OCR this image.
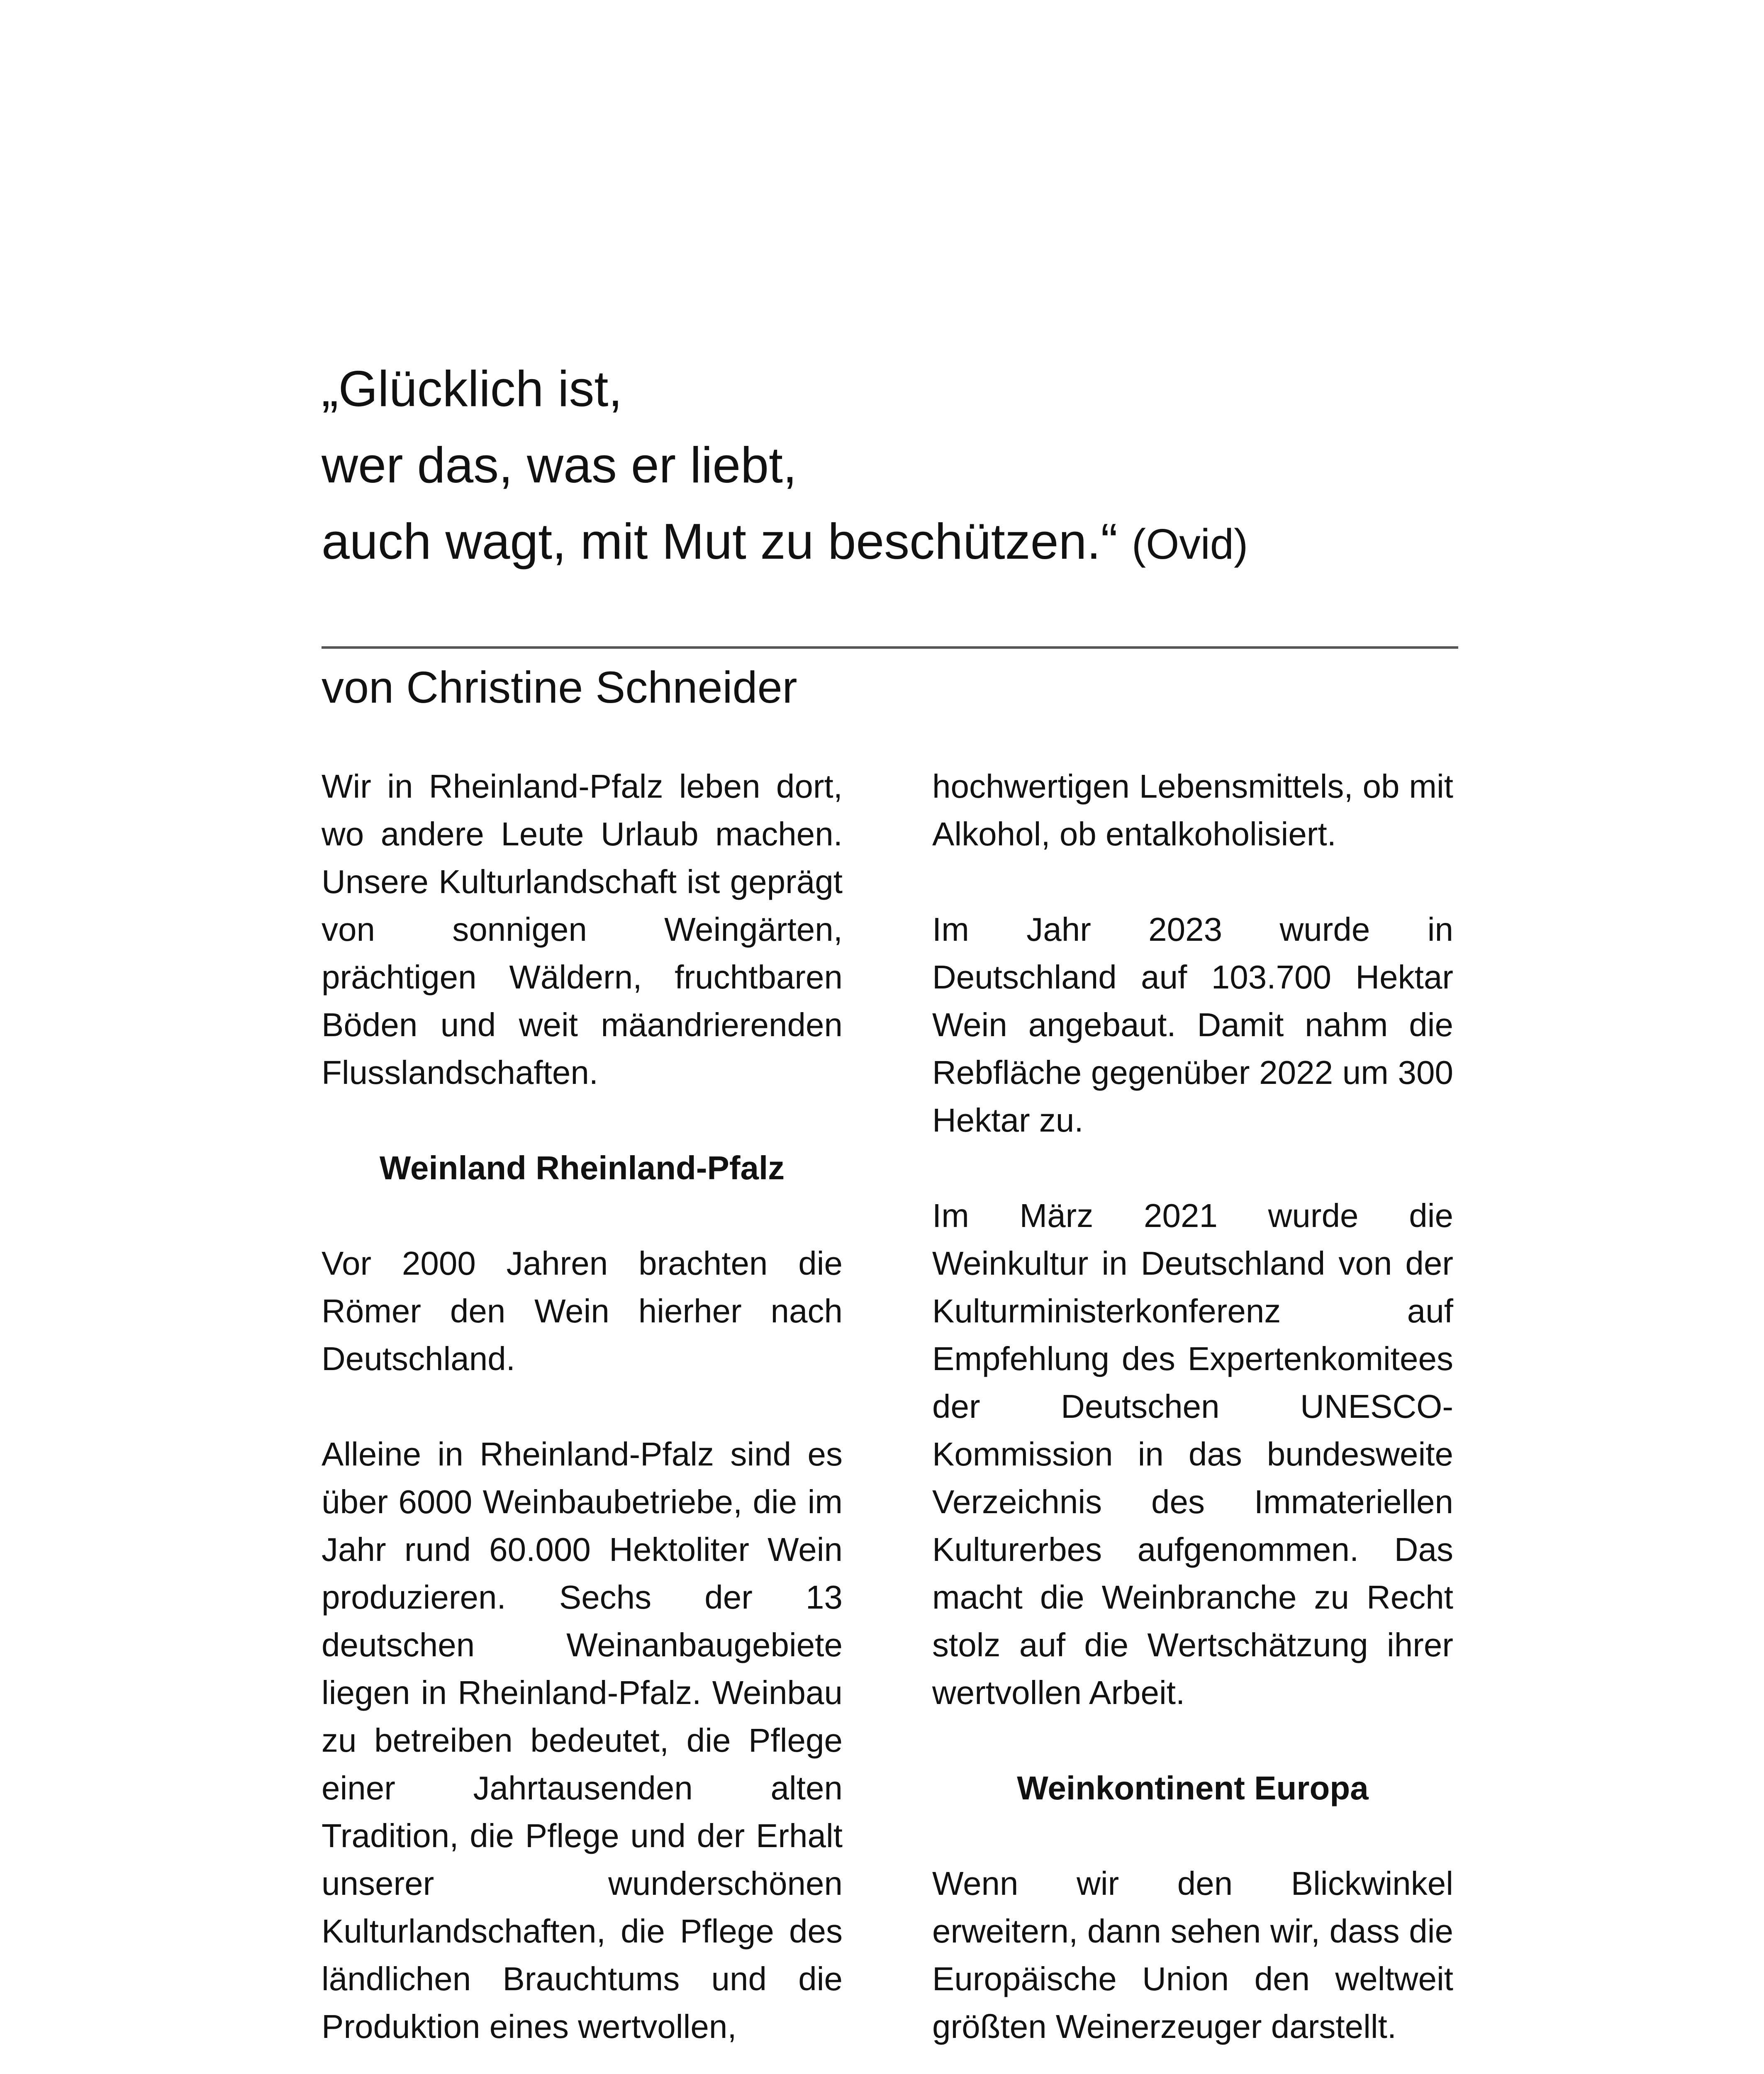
„Glücklich ist,
wer das, was er liebt,
auch wagt, mit Mut zu beschützen.“ (Ovid)
von Christine Schneider

Wir in Rheinland-Pfalz leben dort, wo andere Leute Urlaub machen. Unsere Kulturlandschaft ist geprägt von sonnigen Weingärten, prächtigen Wäldern, fruchtbaren Böden und weit mäandrierenden Flusslandschaften.

Weinland Rheinland-Pfalz

Vor 2000 Jahren brachten die Römer den Wein hierher nach Deutschland.

Alleine in Rheinland-Pfalz sind es über 6000 Weinbaubetriebe, die im Jahr rund 60.000 Hektoliter Wein produzieren. Sechs der 13 deutschen Weinanbaugebiete liegen in Rheinland-Pfalz. Weinbau zu betreiben bedeutet, die Pflege einer Jahrtausenden alten Tradition, die Pflege und der Erhalt unserer wunderschönen Kulturlandschaften, die Pflege des ländlichen Brauchtums und die Produktion eines wertvollen,

hochwertigen Lebensmittels, ob mit Alkohol, ob entalkoholisiert.

Im Jahr 2023 wurde in Deutschland auf 103.700 Hektar Wein angebaut. Damit nahm die Rebfläche gegenüber 2022 um 300 Hektar zu.

Im März 2021 wurde die Weinkultur in Deutschland von der Kulturministerkonferenz auf Empfehlung des Expertenkomitees der Deutschen UNESCO-Kommission in das bundesweite Verzeichnis des Immateriellen Kulturerbes aufgenommen. Das macht die Weinbranche zu Recht stolz auf die Wertschätzung ihrer wertvollen Arbeit.

Weinkontinent Europa

Wenn wir den Blickwinkel erweitern, dann sehen wir, dass die Europäische Union den weltweit größten Weinerzeuger darstellt.
